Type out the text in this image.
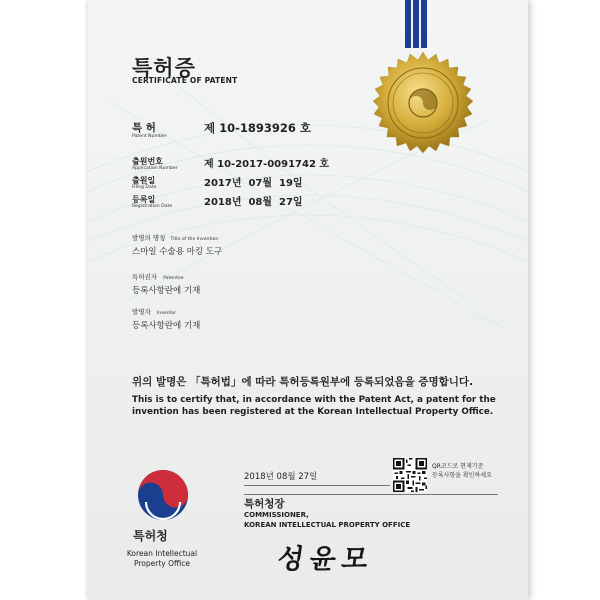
특허증
CERTIFICATE OF PATENT
특 허
Patent Number
제 10-1893926 호
출원번호
Application Number	제 10-2017-0091742 호
출원일
Filing Date	2017년  07월  19일
등록일
Registration Date	2018년  08월  27일
발명의 명칭 Title of the Invention
스마일 수술용 마킹 도구
특허권자 Patentee
등록사항란에 기재
발명자 Inventor
등록사항란에 기재
위의 발명은 「특허법」에 따라 특허등록원부에 등록되었음을 증명합니다.
This is to certify that, in accordance with the Patent Act, a patent for the invention has been registered at the Korean Intellectual Property Office.
특허청
Korean Intellectual Property Office
2018년 08월 27일
QR코드로 현재기준
등록사항을 확인하세요
특허청장
COMMISSIONER,
KOREAN INTELLECTUAL PROPERTY OFFICE
성윤모
